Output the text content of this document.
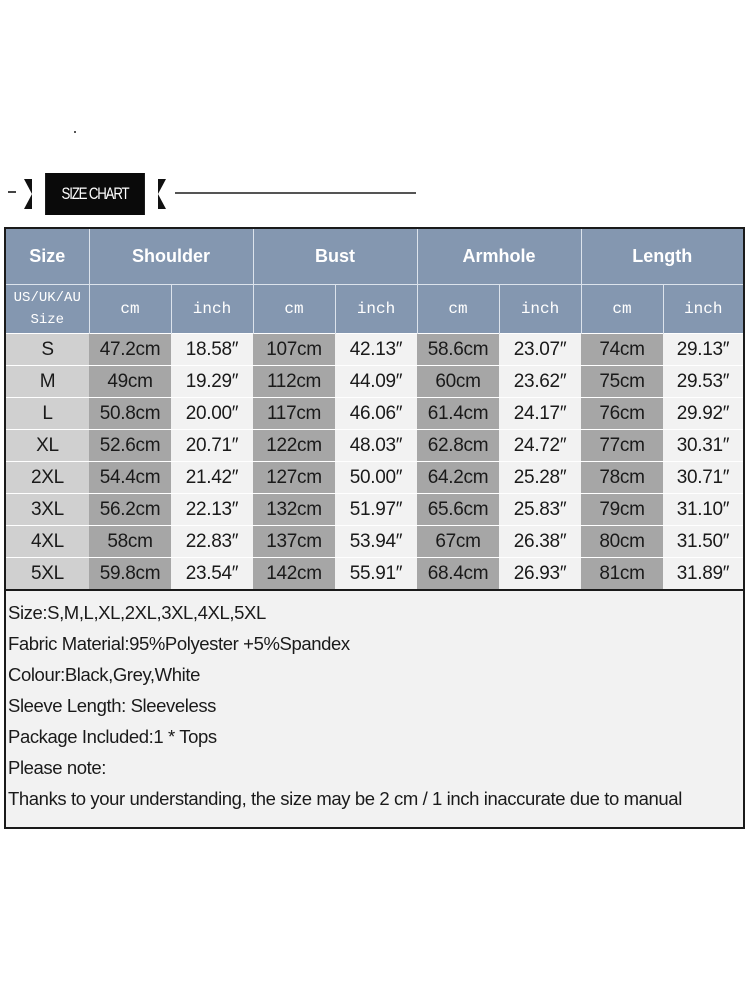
SIZE CHART
Size	Shoulder		Bust		Armhole		Length	
US/UK/AU Size	cm	inch	cm	inch	cm	inch	cm	inch
S	47.2cm	18.58″	107cm	42.13″	58.6cm	23.07″	74cm	29.13″
M	49cm	19.29″	112cm	44.09″	60cm	23.62″	75cm	29.53″
L	50.8cm	20.00″	117cm	46.06″	61.4cm	24.17″	76cm	29.92″
XL	52.6cm	20.71″	122cm	48.03″	62.8cm	24.72″	77cm	30.31″
2XL	54.4cm	21.42″	127cm	50.00″	64.2cm	25.28″	78cm	30.71″
3XL	56.2cm	22.13″	132cm	51.97″	65.6cm	25.83″	79cm	31.10″
4XL	58cm	22.83″	137cm	53.94″	67cm	26.38″	80cm	31.50″
5XL	59.8cm	23.54″	142cm	55.91″	68.4cm	26.93″	81cm	31.89″
Size:S,M,L,XL,2XL,3XL,4XL,5XL
Fabric Material:95%Polyester +5%Spandex
Colour:Black,Grey,White
Sleeve Length: Sleeveless
Package Included:1 * Tops
Please note:
Thanks to your understanding, the size may be 2 cm / 1 inch inaccurate due to manual
